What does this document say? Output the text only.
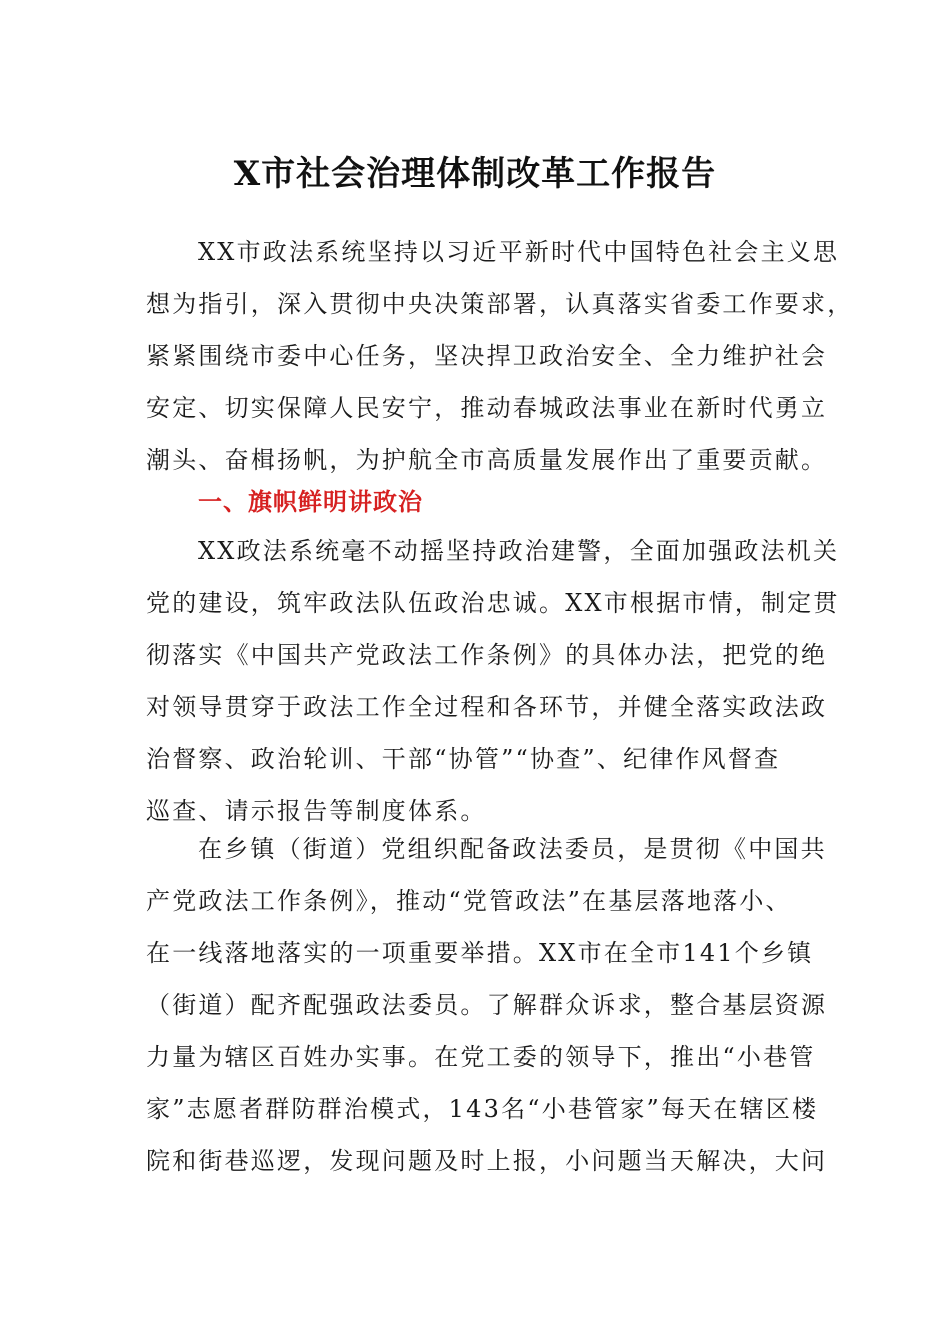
X市社会治理体制改革工作报告
XX市政法系统坚持以习近平新时代中国特色社会主义思
想为指引，深入贯彻中央决策部署，认真落实省委工作要求，
紧紧围绕市委中心任务，坚决捍卫政治安全、全力维护社会
安定、切实保障人民安宁，推动春城政法事业在新时代勇立
潮头、奋楫扬帆，为护航全市高质量发展作出了重要贡献。
一、旗帜鲜明讲政治
XX政法系统毫不动摇坚持政治建警，全面加强政法机关
党的建设，筑牢政法队伍政治忠诚。XX市根据市情，制定贯
彻落实《中国共产党政法工作条例》的具体办法，把党的绝
对领导贯穿于政法工作全过程和各环节，并健全落实政法政
治督察、政治轮训、干部“协管”“协查”、纪律作风督查
巡查、请示报告等制度体系。
在乡镇（街道）党组织配备政法委员，是贯彻《中国共
产党政法工作条例》，推动“党管政法”在基层落地落小、
在一线落地落实的一项重要举措。XX市在全市141个乡镇
（街道）配齐配强政法委员。了解群众诉求，整合基层资源
力量为辖区百姓办实事。在党工委的领导下，推出“小巷管
家”志愿者群防群治模式，143名“小巷管家”每天在辖区楼
院和街巷巡逻，发现问题及时上报，小问题当天解决，大问
